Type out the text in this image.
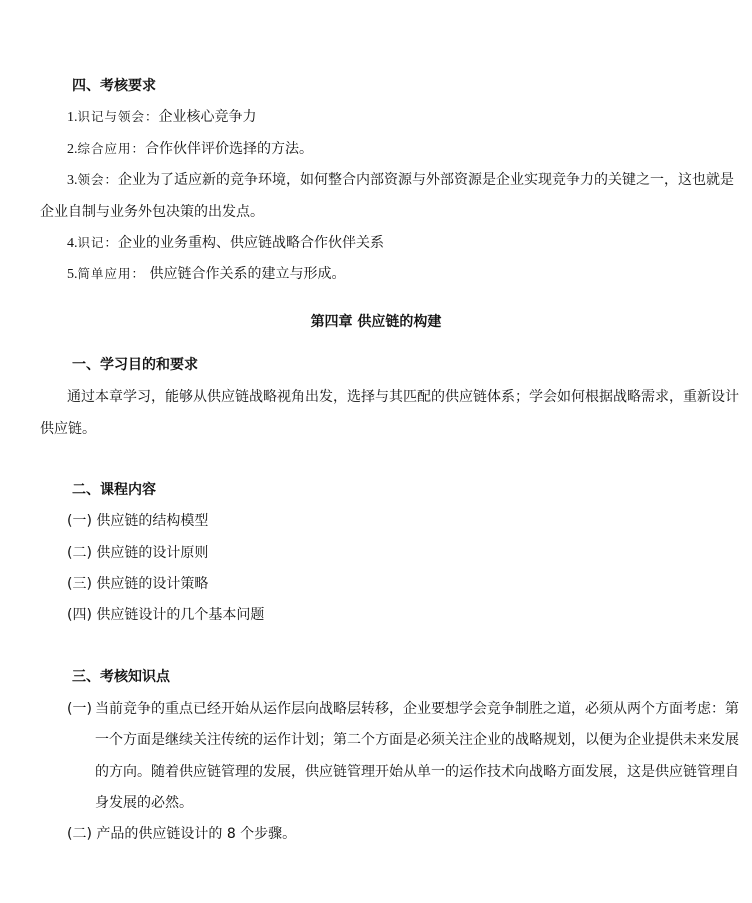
四、考核要求
1.识记与领会：企业核心竞争力
2.综合应用：合作伙伴评价选择的方法。
3.领会：企业为了适应新的竞争环境，如何整合内部资源与外部资源是企业实现竞争力的关键之一，这也就是
企业自制与业务外包决策的出发点。
4.识记：企业的业务重构、供应链战略合作伙伴关系
5.简单应用： 供应链合作关系的建立与形成。
第四章 供应链的构建
一、学习目的和要求
通过本章学习，能够从供应链战略视角出发，选择与其匹配的供应链体系；学会如何根据战略需求，重新设计
供应链。
二、课程内容
(一) 供应链的结构模型
(二) 供应链的设计原则
(三) 供应链的设计策略
(四) 供应链设计的几个基本问题
三、考核知识点
(一) 当前竞争的重点已经开始从运作层向战略层转移，企业要想学会竞争制胜之道，必须从两个方面考虑：第
一个方面是继续关注传统的运作计划；第二个方面是必须关注企业的战略规划，以便为企业提供未来发展
的方向。随着供应链管理的发展，供应链管理开始从单一的运作技术向战略方面发展，这是供应链管理自
身发展的必然。
(二) 产品的供应链设计的 8 个步骤。
